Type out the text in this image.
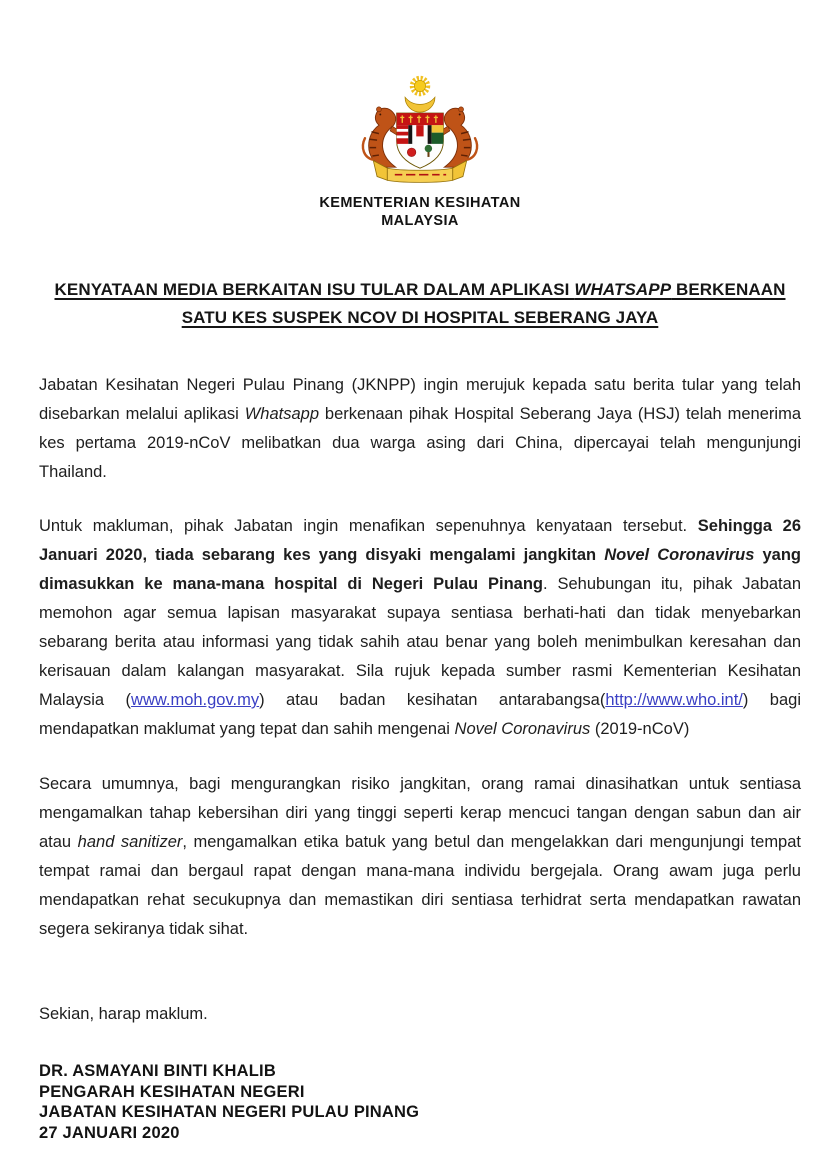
KEMENTERIAN KESIHATAN
MALAYSIA
KENYATAAN MEDIA BERKAITAN ISU TULAR DALAM APLIKASI WHATSAPP BERKENAAN
SATU KES SUSPEK NCOV DI HOSPITAL SEBERANG JAYA

Jabatan Kesihatan Negeri Pulau Pinang (JKNPP) ingin merujuk kepada satu berita tular yang telah disebarkan melalui aplikasi Whatsapp berkenaan pihak Hospital Seberang Jaya (HSJ) telah menerima kes pertama 2019-nCoV melibatkan dua warga asing dari China, dipercayai telah mengunjungi Thailand.

Untuk makluman, pihak Jabatan ingin menafikan sepenuhnya kenyataan tersebut. Sehingga 26 Januari 2020, tiada sebarang kes yang disyaki mengalami jangkitan Novel Coronavirus yang dimasukkan ke mana-mana hospital di Negeri Pulau Pinang. Sehubungan itu, pihak Jabatan memohon agar semua lapisan masyarakat supaya sentiasa berhati-hati dan tidak menyebarkan sebarang berita atau informasi yang tidak sahih atau benar yang boleh menimbulkan keresahan dan kerisauan dalam kalangan masyarakat. Sila rujuk kepada sumber rasmi Kementerian Kesihatan Malaysia (www.moh.gov.my) atau badan kesihatan antarabangsa(http://www.who.int/) bagi mendapatkan maklumat yang tepat dan sahih mengenai Novel Coronavirus (2019-nCoV)

Secara umumnya, bagi mengurangkan risiko jangkitan, orang ramai dinasihatkan untuk sentiasa mengamalkan tahap kebersihan diri yang tinggi seperti kerap mencuci tangan dengan sabun dan air atau hand sanitizer, mengamalkan etika batuk yang betul dan mengelakkan dari mengunjungi tempat tempat ramai dan bergaul rapat dengan mana-mana individu bergejala. Orang awam juga perlu mendapatkan rehat secukupnya dan memastikan diri sentiasa terhidrat serta mendapatkan rawatan segera sekiranya tidak sihat.

Sekian, harap maklum.

DR. ASMAYANI BINTI KHALIB
PENGARAH KESIHATAN NEGERI
JABATAN KESIHATAN NEGERI PULAU PINANG
27 JANUARI 2020
